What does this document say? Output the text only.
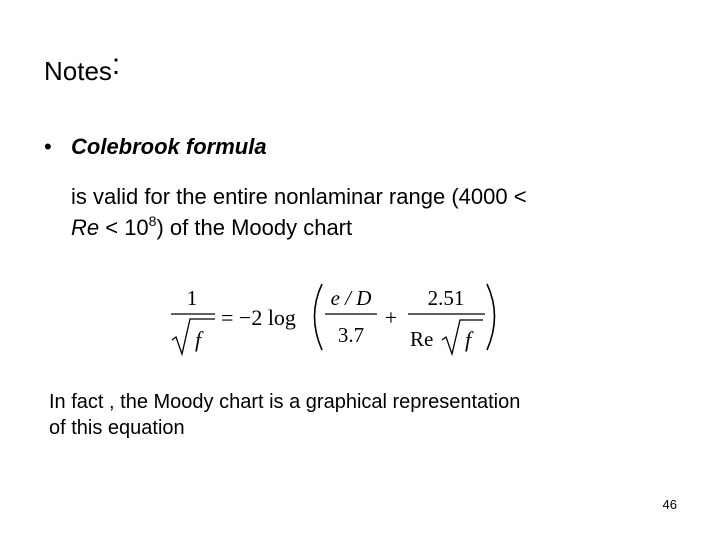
Notes:
• Colebrook formula
is valid for the entire nonlaminar range (4000 <
$Re < 10^8$) of the Moody chart
1
f
= −2 log
e / D
3.7
+
2.51
Re f
In fact , the Moody chart is a graphical representation
of this equation
46
